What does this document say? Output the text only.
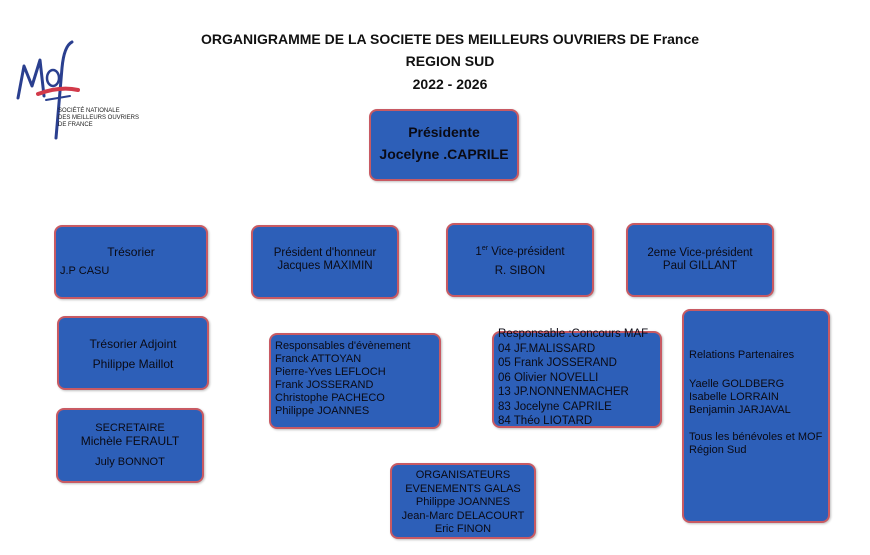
ORGANIGRAMME DE LA SOCIETE DES MEILLEURS OUVRIERS DE France
REGION SUD
2022 - 2026
SOCIÉTÉ NATIONALE
DES MEILLEURS OUVRIERS
DE FRANCE	Présidente
Jocelyne .CAPRILE
Trésorier
J.P CASU
Président d'honneur
Jacques MAXIMIN
1er Vice-président
R. SIBON
2eme Vice-président
Paul GILLANT
Trésorier Adjoint
Philippe Maillot
Responsables d'évènement
Franck ATTOYAN
Pierre-Yves LEFLOCH
Frank JOSSERAND
Christophe PACHECO
Philippe JOANNES
Responsable :Concours MAF
04 JF.MALISSARD
05 Frank JOSSERAND
06 Olivier NOVELLI
13 JP.NONNENMACHER
83 Jocelyne CAPRILE
84 Théo LIOTARD
Relations Partenaires
Yaelle GOLDBERG
Isabelle LORRAIN
Benjamin JARJAVAL
Tous les bénévoles et MOF
Région Sud
SECRETAIRE
Michèle FERAULT
July BONNOT
ORGANISATEURS
EVENEMENTS GALAS
Philippe JOANNES
Jean-Marc DELACOURT
Eric FINON
